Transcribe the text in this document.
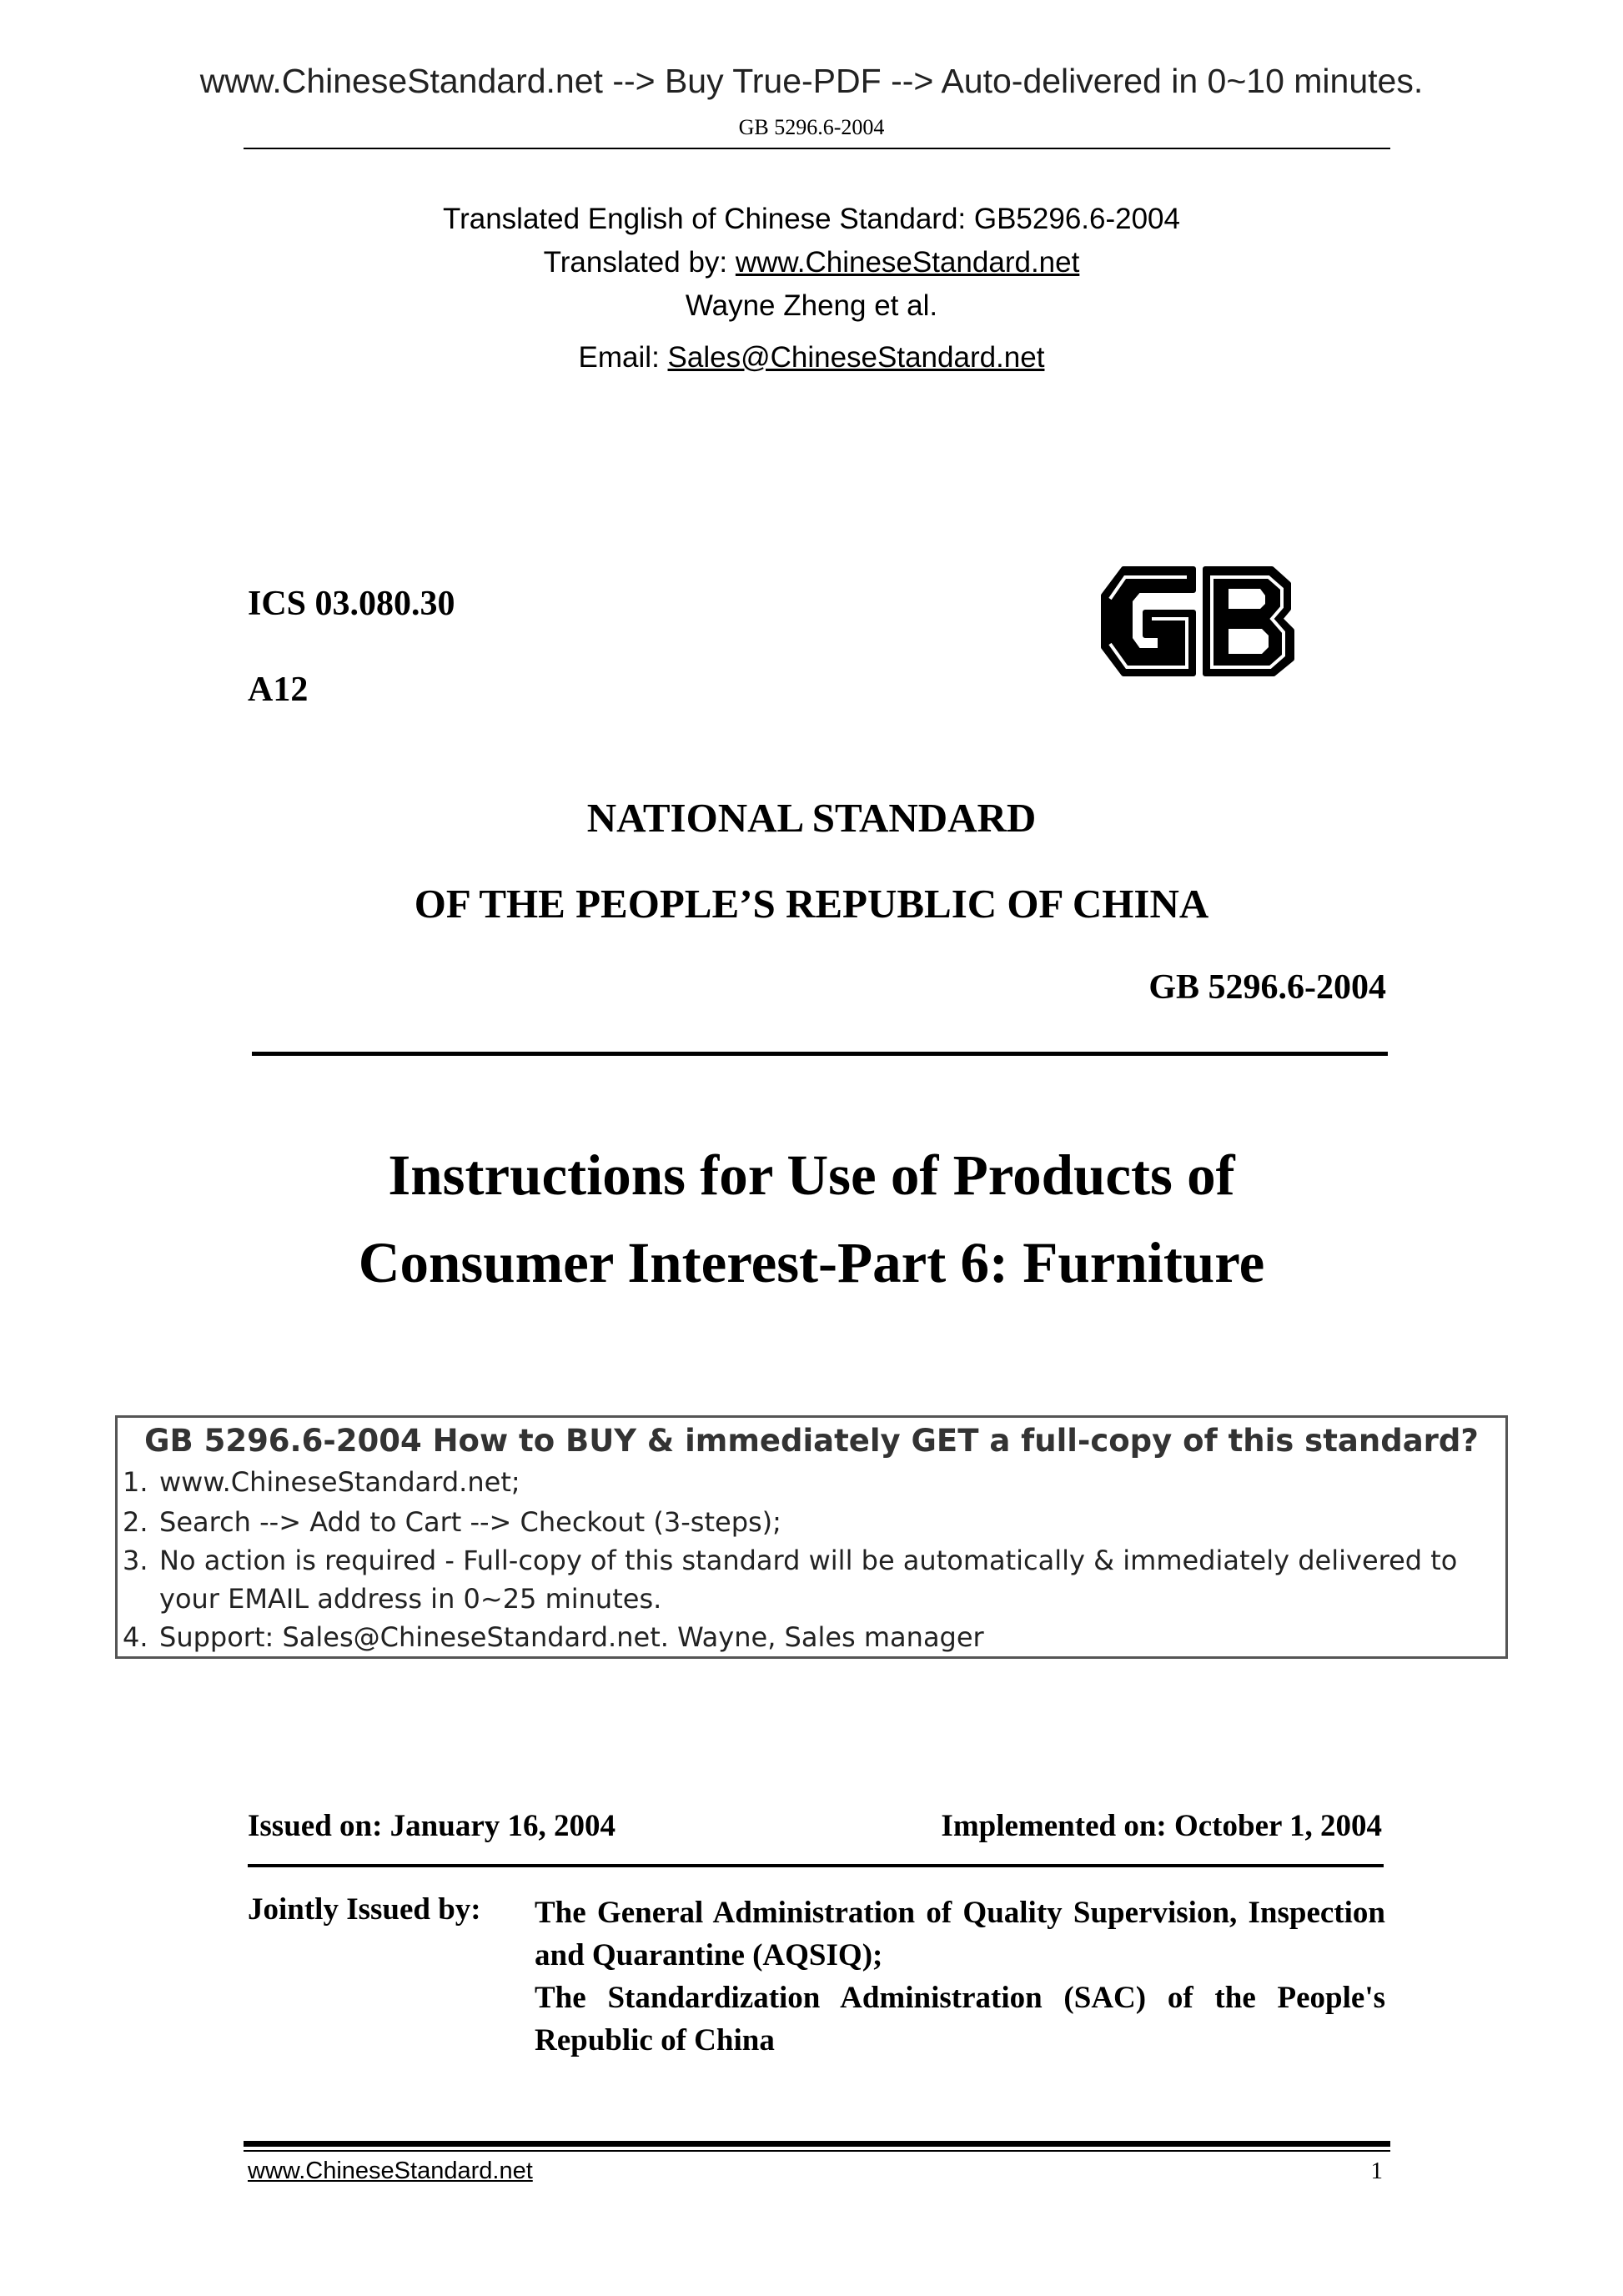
www.ChineseStandard.net --> Buy True-PDF --> Auto-delivered in 0~10 minutes.
GB 5296.6-2004
Translated English of Chinese Standard: GB5296.6-2004
Translated by: www.ChineseStandard.net
Wayne Zheng et al.
Email: Sales@ChineseStandard.net
ICS 03.080.30
A12
NATIONAL STANDARD
OF THE PEOPLE’S REPUBLIC OF CHINA
GB 5296.6-2004
Instructions for Use of Products of
Consumer Interest-Part 6: Furniture
GB 5296.6-2004 How to BUY & immediately GET a full-copy of this standard?
1. www.ChineseStandard.net;
2. Search --> Add to Cart --> Checkout (3-steps);
3. No action is required - Full-copy of this standard will be automatically & immediately delivered to
your EMAIL address in 0~25 minutes.
4. Support: Sales@ChineseStandard.net. Wayne, Sales manager
Issued on: January 16, 2004	Implemented on: October 1, 2004
Jointly Issued by: The General Administration of Quality Supervision, Inspection and Quarantine (AQSIQ);
The Standardization Administration (SAC) of the People's Republic of China
www.ChineseStandard.net	1
